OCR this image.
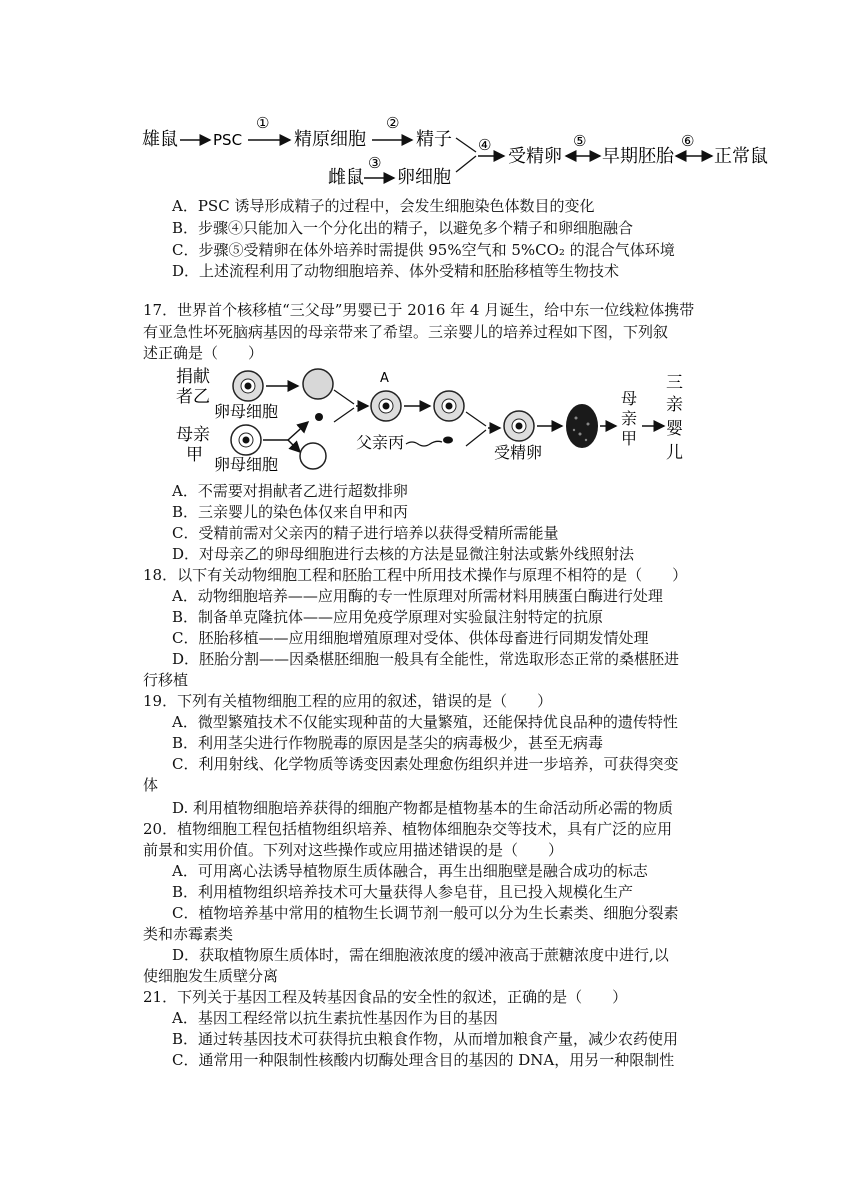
雄鼠 PSC
①
精原细胞
②
精子 ④
受精卵
⑤
早期胚胎
⑥
正常鼠
雌鼠
③
卵细胞
A．PSC 诱导形成精子的过程中，会发生细胞染色体数目的变化
B．步骤④只能加入一个分化出的精子，以避免多个精子和卵细胞融合
C．步骤⑤受精卵在体外培养时需提供 95%空气和 5%CO₂ 的混合气体环境
D．上述流程利用了动物细胞培养、体外受精和胚胎移植等生物技术
17．世界首个核移植“三父母”男婴已于 2016 年 4 月诞生，给中东一位线粒体携带
有亚急性坏死脑病基因的母亲带来了希望。三亲婴儿的培养过程如下图，下列叙
述正确是（　　）
捐献
者乙
卵母细胞
A
受精卵
母
亲
甲
三
亲
婴
儿
母亲
甲 卵母细胞
父亲丙
A．不需要对捐献者乙进行超数排卵
B．三亲婴儿的染色体仅来自甲和丙
C．受精前需对父亲丙的精子进行培养以获得受精所需能量
D．对母亲乙的卵母细胞进行去核的方法是显微注射法或紫外线照射法
18．以下有关动物细胞工程和胚胎工程中所用技术操作与原理不相符的是（　　）
A．动物细胞培养——应用酶的专一性原理对所需材料用胰蛋白酶进行处理
B．制备单克隆抗体——应用免疫学原理对实验鼠注射特定的抗原
C．胚胎移植——应用细胞增殖原理对受体、供体母畜进行同期发情处理
D．胚胎分割——因桑椹胚细胞一般具有全能性，常选取形态正常的桑椹胚进
行移植
19．下列有关植物细胞工程的应用的叙述，错误的是（　　）
A．微型繁殖技术不仅能实现种苗的大量繁殖，还能保持优良品种的遗传特性
B．利用茎尖进行作物脱毒的原因是茎尖的病毒极少，甚至无病毒
C．利用射线、化学物质等诱变因素处理愈伤组织并进一步培养，可获得突变
体
D. 利用植物细胞培养获得的细胞产物都是植物基本的生命活动所必需的物质
20．植物细胞工程包括植物组织培养、植物体细胞杂交等技术，具有广泛的应用
前景和实用价值。下列对这些操作或应用描述错误的是（　　）
A．可用离心法诱导植物原生质体融合，再生出细胞壁是融合成功的标志
B．利用植物组织培养技术可大量获得人参皂苷，且已投入规模化生产
C．植物培养基中常用的植物生长调节剂一般可以分为生长素类、细胞分裂素
类和赤霉素类
D．获取植物原生质体时，需在细胞液浓度的缓冲液高于蔗糖浓度中进行,以
使细胞发生质壁分离
21．下列关于基因工程及转基因食品的安全性的叙述，正确的是（　　）
A．基因工程经常以抗生素抗性基因作为目的基因
B．通过转基因技术可获得抗虫粮食作物，从而增加粮食产量，减少农药使用
C．通常用一种限制性核酸内切酶处理含目的基因的 DNA，用另一种限制性
